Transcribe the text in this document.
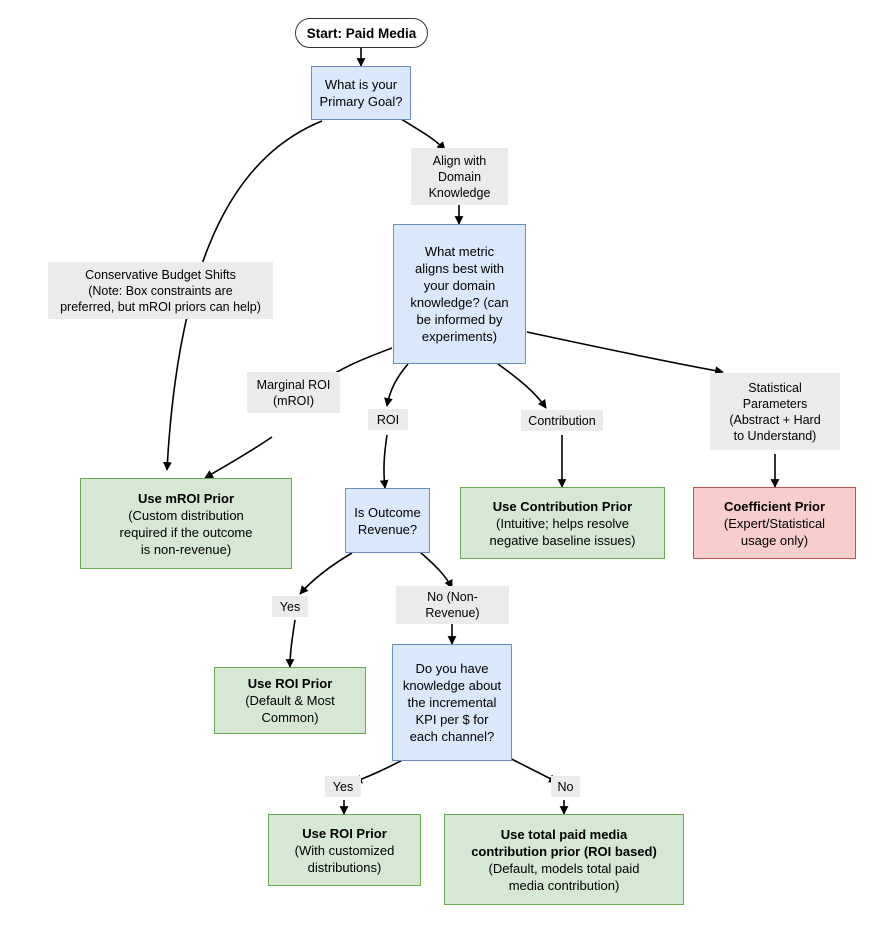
Start: Paid Media
What is your
Primary Goal?
What metric
aligns best with
your domain
knowledge? (can
be informed by
experiments)
Use mROI Prior
(Custom distribution
required if the outcome
is non-revenue)
Is Outcome
Revenue?
Use Contribution Prior
(Intuitive; helps resolve
negative baseline issues)
Coefficient Prior
(Expert/Statistical
usage only)
Use ROI Prior
(Default & Most
Common)
Do you have
knowledge about
the incremental
KPI per $ for
each channel?
Use ROI Prior
(With customized
distributions)
Use total paid media
contribution prior (ROI based)
(Default, models total paid
media contribution)
Align with
Domain
Knowledge
Conservative Budget Shifts
(Note: Box constraints are
preferred, but mROI priors can help)
Marginal ROI
(mROI)
ROI	Contribution
Statistical
Parameters
(Abstract + Hard
to Understand)
Yes
No (Non-
Revenue)
Yes	No
